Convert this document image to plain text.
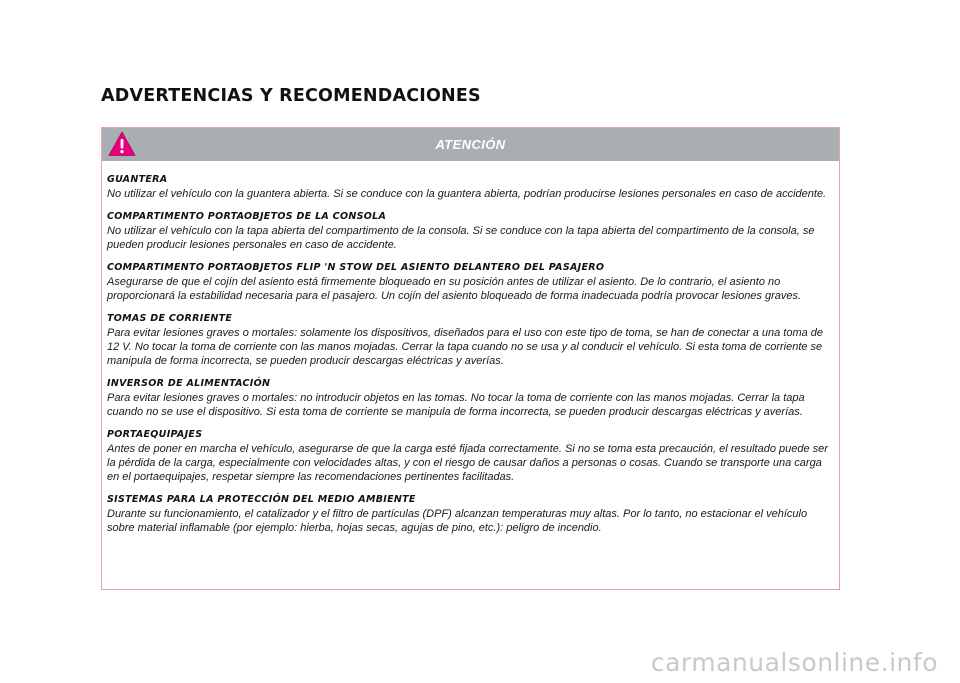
ADVERTENCIAS Y RECOMENDACIONES
ATENCIÓN
GUANTERA

No utilizar el vehículo con la guantera abierta. Si se conduce con la guantera abierta, podrían producirse lesiones personales en caso de accidente.

COMPARTIMENTO PORTAOBJETOS DE LA CONSOLA

No utilizar el vehículo con la tapa abierta del compartimento de la consola. Si se conduce con la tapa abierta del compartimento de la consola, se pueden producir lesiones personales en caso de accidente.

COMPARTIMENTO PORTAOBJETOS FLIP 'N STOW DEL ASIENTO DELANTERO DEL PASAJERO

Asegurarse de que el cojín del asiento está firmemente bloqueado en su posición antes de utilizar el asiento. De lo contrario, el asiento no proporcionará la estabilidad necesaria para el pasajero. Un cojín del asiento bloqueado de forma inadecuada podría provocar lesiones graves.

TOMAS DE CORRIENTE

Para evitar lesiones graves o mortales: solamente los dispositivos, diseñados para el uso con este tipo de toma, se han de conectar a una toma de 12 V. No tocar la toma de corriente con las manos mojadas. Cerrar la tapa cuando no se usa y al conducir el vehículo. Si esta toma de corriente se manipula de forma incorrecta, se pueden producir descargas eléctricas y averías.

INVERSOR DE ALIMENTACIÓN

Para evitar lesiones graves o mortales: no introducir objetos en las tomas. No tocar la toma de corriente con las manos mojadas. Cerrar la tapa cuando no se use el dispositivo. Si esta toma de corriente se manipula de forma incorrecta, se pueden producir descargas eléctricas y averías.

PORTAEQUIPAJES

Antes de poner en marcha el vehículo, asegurarse de que la carga esté fijada correctamente. Si no se toma esta precaución, el resultado puede ser la pérdida de la carga, especialmente con velocidades altas, y con el riesgo de causar daños a personas o cosas. Cuando se transporte una carga en el portaequipajes, respetar siempre las recomendaciones pertinentes facilitadas.

SISTEMAS PARA LA PROTECCIÓN DEL MEDIO AMBIENTE

Durante su funcionamiento, el catalizador y el filtro de partículas (DPF) alcanzan temperaturas muy altas. Por lo tanto, no estacionar el vehículo sobre material inflamable (por ejemplo: hierba, hojas secas, agujas de pino, etc.): peligro de incendio.

carmanualsonline.info
